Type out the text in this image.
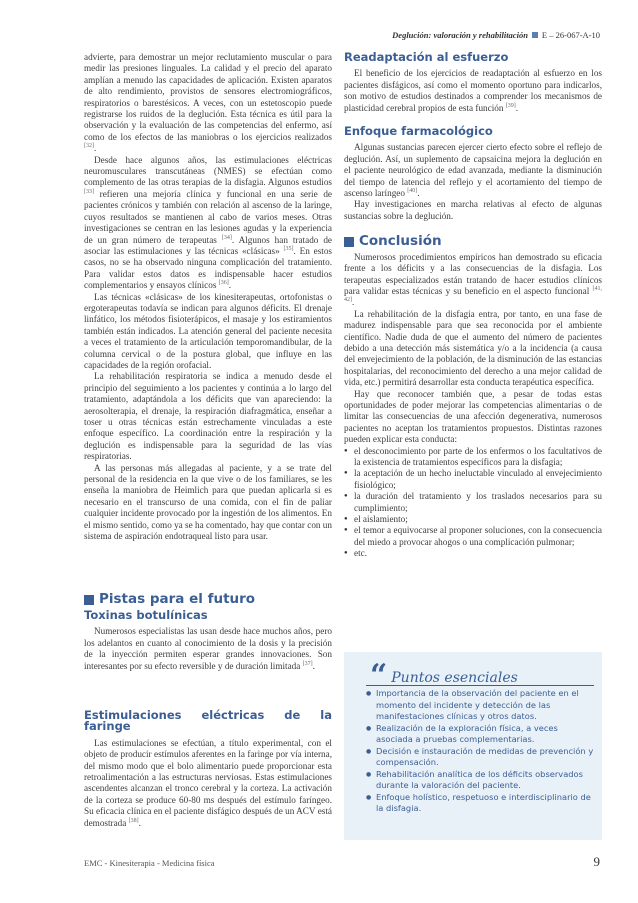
Deglución: valoración y rehabilitación E – 26-067-A-10

advierte, para demostrar un mejor reclutamiento muscular o para medir las presiones linguales. La calidad y el precio del aparato amplían a menudo las capacidades de aplicación. Existen aparatos de alto rendimiento, provistos de sensores electromiográficos, respiratorios o barestésicos. A veces, con un estetoscopio puede registrarse los ruidos de la deglución. Esta técnica es útil para la observación y la evaluación de las competencias del enfermo, así como de los efectos de las maniobras o los ejercicios realizados [32].

Desde hace algunos años, las estimulaciones eléctricas neuromusculares transcutáneas (NMES) se efectúan como complemento de las otras terapias de la disfagia. Algunos estudios [33] refieren una mejoría clínica y funcional en una serie de pacientes crónicos y también con relación al ascenso de la laringe, cuyos resultados se mantienen al cabo de varios meses. Otras investigaciones se centran en las lesiones agudas y la experiencia de un gran número de terapeutas [34]. Algunos han tratado de asociar las estimulaciones y las técnicas «clásicas» [35]. En estos casos, no se ha observado ninguna complicación del tratamiento. Para validar estos datos es indispensable hacer estudios complementarios y ensayos clínicos [36].

Las técnicas «clásicas» de los kinesiterapeutas, ortofonistas o ergoterapeutas todavía se indican para algunos déficits. El drenaje linfático, los métodos fisioterápicos, el masaje y los estiramientos también están indicados. La atención general del paciente necesita a veces el tratamiento de la articulación temporomandibular, de la columna cervical o de la postura global, que influye en las capacidades de la región orofacial.

La rehabilitación respiratoria se indica a menudo desde el principio del seguimiento a los pacientes y continúa a lo largo del tratamiento, adaptándola a los déficits que van apareciendo: la aerosolterapia, el drenaje, la respiración diafragmática, enseñar a toser u otras técnicas están estrechamente vinculadas a este enfoque específico. La coordinación entre la respiración y la deglución es indispensable para la seguridad de las vías respiratorias.

A las personas más allegadas al paciente, y a se trate del personal de la residencia en la que vive o de los familiares, se les enseña la maniobra de Heimlich para que puedan aplicarla si es necesario en el transcurso de una comida, con el fin de paliar cualquier incidente provocado por la ingestión de los alimentos. En el mismo sentido, como ya se ha comentado, hay que contar con un sistema de aspiración endotraqueal listo para usar.

Pistas para el futuro
Toxinas botulínicas

Numerosos especialistas las usan desde hace muchos años, pero los adelantos en cuanto al conocimiento de la dosis y la precisión de la inyección permiten esperar grandes innovaciones. Son interesantes por su efecto reversible y de duración limitada [37].

Estimulaciones eléctricas de la faringe

Las estimulaciones se efectúan, a título experimental, con el objeto de producir estímulos aferentes en la faringe por vía interna, del mismo modo que el bolo alimentario puede proporcionar esta retroalimentación a las estructuras nerviosas. Estas estimulaciones ascendentes alcanzan el tronco cerebral y la corteza. La activación de la corteza se produce 60-80 ms después del estímulo faríngeo. Su eficacia clínica en el paciente disfágico después de un ACV está demostrada [38].

Readaptación al esfuerzo

El beneficio de los ejercicios de readaptación al esfuerzo en los pacientes disfágicos, así como el momento oportuno para indicarlos, son motivo de estudios destinados a comprender los mecanismos de plasticidad cerebral propios de esta función [39].

Enfoque farmacológico

Algunas sustancias parecen ejercer cierto efecto sobre el reflejo de deglución. Así, un suplemento de capsaicina mejora la deglución en el paciente neurológico de edad avanzada, mediante la disminución del tiempo de latencia del reflejo y el acortamiento del tiempo de ascenso laríngeo [40].

Hay investigaciones en marcha relativas al efecto de algunas sustancias sobre la deglución.

Conclusión

Numerosos procedimientos empíricos han demostrado su eficacia frente a los déficits y a las consecuencias de la disfagia. Los terapeutas especializados están tratando de hacer estudios clínicos para validar estas técnicas y su beneficio en el aspecto funcional [41, 42].

La rehabilitación de la disfagia entra, por tanto, en una fase de madurez indispensable para que sea reconocida por el ambiente científico. Nadie duda de que el aumento del número de pacientes debido a una detección más sistemática y/o a la incidencia (a causa del envejecimiento de la población, de la disminución de las estancias hospitalarias, del reconocimiento del derecho a una mejor calidad de vida, etc.) permitirá desarrollar esta conducta terapéutica específica.

Hay que reconocer también que, a pesar de todas estas oportunidades de poder mejorar las competencias alimentarias o de limitar las consecuencias de una afección degenerativa, numerosos pacientes no aceptan los tratamientos propuestos. Distintas razones pueden explicar esta conducta:

● el desconocimiento por parte de los enfermos o los facultativos de la existencia de tratamientos específicos para la disfagia;
● la aceptación de un hecho ineluctable vinculado al envejecimiento fisiológico;
● la duración del tratamiento y los traslados necesarios para su cumplimiento;
● el aislamiento;
● el temor a equivocarse al proponer soluciones, con la consecuencia del miedo a provocar ahogos o una complicación pulmonar;
● etc.
“ Puntos esenciales
● Importancia de la observación del paciente en el momento del incidente y detección de las manifestaciones clínicas y otros datos.
● Realización de la exploración física, a veces asociada a pruebas complementarias.
● Decisión e instauración de medidas de prevención y compensación.
● Rehabilitación analítica de los déficits observados durante la valoración del paciente.
● Enfoque holístico, respetuoso e interdisciplinario de la disfagia.
EMC - Kinesiterapia - Medicina física	9
